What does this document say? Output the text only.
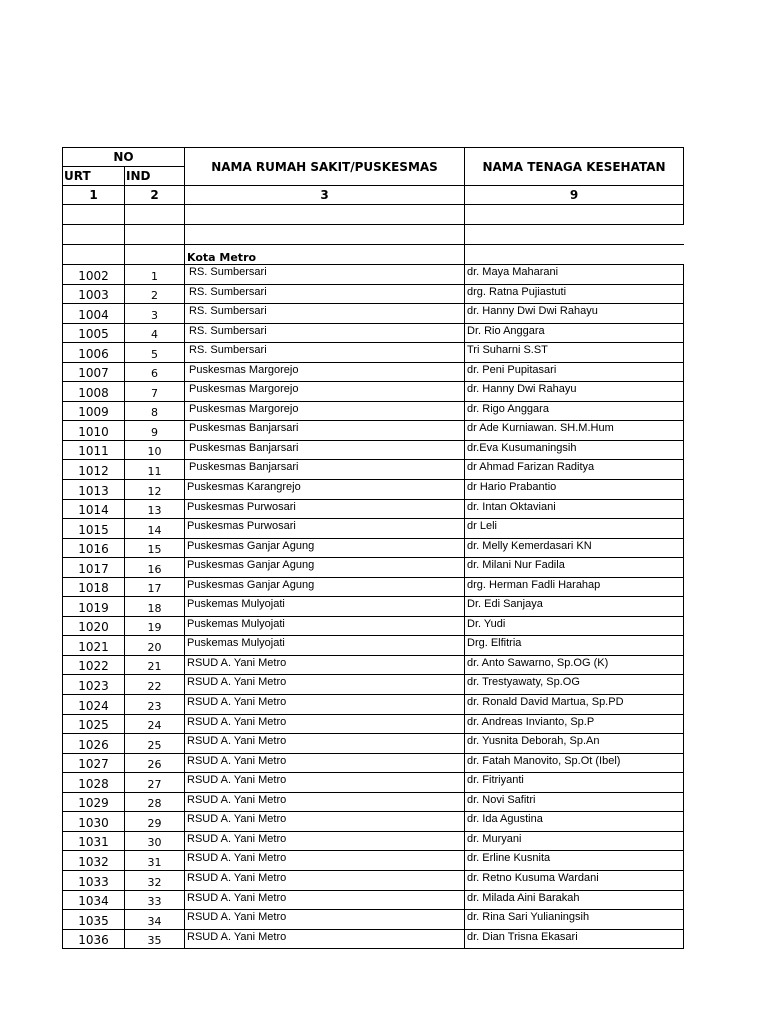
NO		NAMA RUMAH SAKIT/PUSKESMAS	NAMA TENAGA KESEHATAN
URT	IND		
1	2	3	9

		Kota Metro	
1002	1	RS. Sumbersari	dr. Maya Maharani
1003	2	RS. Sumbersari	drg. Ratna Pujiastuti
1004	3	RS. Sumbersari	dr. Hanny Dwi Dwi Rahayu
1005	4	RS. Sumbersari	Dr. Rio Anggara
1006	5	RS. Sumbersari	Tri Suharni S.ST
1007	6	Puskesmas Margorejo	dr. Peni Pupitasari
1008	7	Puskesmas Margorejo	dr. Hanny Dwi Rahayu
1009	8	Puskesmas Margorejo	dr. Rigo Anggara
1010	9	Puskesmas Banjarsari	dr Ade Kurniawan. SH.M.Hum
1011	10	Puskesmas Banjarsari	dr.Eva Kusumaningsih
1012	11	Puskesmas Banjarsari	dr Ahmad Farizan Raditya
1013	12	Puskesmas Karangrejo	dr Hario Prabantio
1014	13	Puskesmas Purwosari	dr. Intan Oktaviani
1015	14	Puskesmas Purwosari	dr Leli
1016	15	Puskesmas Ganjar Agung	dr. Melly Kemerdasari KN
1017	16	Puskesmas Ganjar Agung	dr. Milani Nur Fadila
1018	17	Puskesmas Ganjar Agung	drg. Herman Fadli Harahap
1019	18	Puskemas Mulyojati	Dr. Edi Sanjaya
1020	19	Puskemas Mulyojati	Dr. Yudi
1021	20	Puskemas Mulyojati	Drg. Elfitria
1022	21	RSUD A. Yani Metro	dr. Anto Sawarno, Sp.OG (K)
1023	22	RSUD A. Yani Metro	dr. Trestyawaty, Sp.OG
1024	23	RSUD A. Yani Metro	dr. Ronald David Martua, Sp.PD
1025	24	RSUD A. Yani Metro	dr. Andreas Invianto, Sp.P
1026	25	RSUD A. Yani Metro	dr. Yusnita Deborah, Sp.An
1027	26	RSUD A. Yani Metro	dr. Fatah Manovito, Sp.Ot (Ibel)
1028	27	RSUD A. Yani Metro	dr. Fitriyanti
1029	28	RSUD A. Yani Metro	dr. Novi Safitri
1030	29	RSUD A. Yani Metro	dr. Ida Agustina
1031	30	RSUD A. Yani Metro	dr. Muryani
1032	31	RSUD A. Yani Metro	dr. Erline Kusnita
1033	32	RSUD A. Yani Metro	dr. Retno Kusuma Wardani
1034	33	RSUD A. Yani Metro	dr. Milada Aini Barakah
1035	34	RSUD A. Yani Metro	dr. Rina Sari Yulianingsih
1036	35	RSUD A. Yani Metro	dr. Dian Trisna Ekasari
